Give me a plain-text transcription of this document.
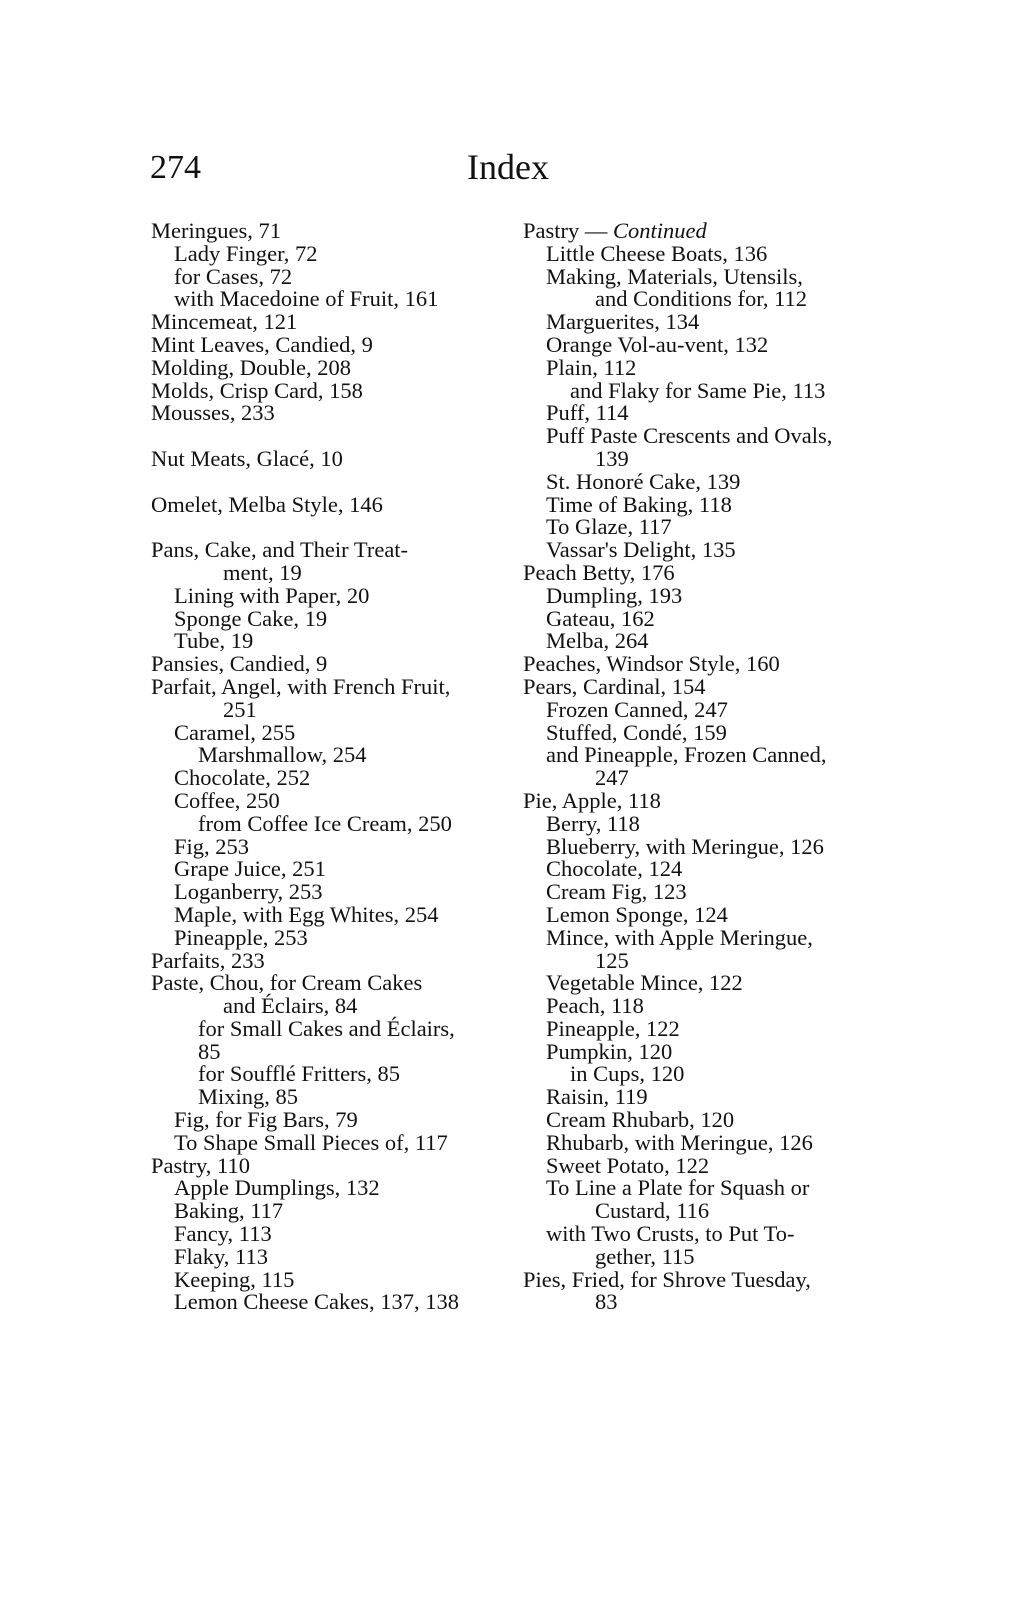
274	Index
Meringues, 71
Lady Finger, 72
for Cases, 72
with Macedoine of Fruit, 161
Mincemeat, 121
Mint Leaves, Candied, 9
Molding, Double, 208
Molds, Crisp Card, 158
Mousses, 233
Nut Meats, Glacé, 10
Omelet, Melba Style, 146
Pans, Cake, and Their Treat-
ment, 19
Lining with Paper, 20
Sponge Cake, 19
Tube, 19
Pansies, Candied, 9
Parfait, Angel, with French Fruit,
251
Caramel, 255
Marshmallow, 254
Chocolate, 252
Coffee, 250
from Coffee Ice Cream, 250
Fig, 253
Grape Juice, 251
Loganberry, 253
Maple, with Egg Whites, 254
Pineapple, 253
Parfaits, 233
Paste, Chou, for Cream Cakes
and Éclairs, 84
for Small Cakes and Éclairs,
85
for Soufflé Fritters, 85
Mixing, 85
Fig, for Fig Bars, 79
To Shape Small Pieces of, 117
Pastry, 110
Apple Dumplings, 132
Baking, 117
Fancy, 113
Flaky, 113
Keeping, 115
Lemon Cheese Cakes, 137, 138
Pastry — Continued
Little Cheese Boats, 136
Making, Materials, Utensils,
and Conditions for, 112
Marguerites, 134
Orange Vol-au-vent, 132
Plain, 112
and Flaky for Same Pie, 113
Puff, 114
Puff Paste Crescents and Ovals,
139
St. Honoré Cake, 139
Time of Baking, 118
To Glaze, 117
Vassar's Delight, 135
Peach Betty, 176
Dumpling, 193
Gateau, 162
Melba, 264
Peaches, Windsor Style, 160
Pears, Cardinal, 154
Frozen Canned, 247
Stuffed, Condé, 159
and Pineapple, Frozen Canned,
247
Pie, Apple, 118
Berry, 118
Blueberry, with Meringue, 126
Chocolate, 124
Cream Fig, 123
Lemon Sponge, 124
Mince, with Apple Meringue,
125
Vegetable Mince, 122
Peach, 118
Pineapple, 122
Pumpkin, 120
in Cups, 120
Raisin, 119
Cream Rhubarb, 120
Rhubarb, with Meringue, 126
Sweet Potato, 122
To Line a Plate for Squash or
Custard, 116
with Two Crusts, to Put To-
gether, 115
Pies, Fried, for Shrove Tuesday,
83
